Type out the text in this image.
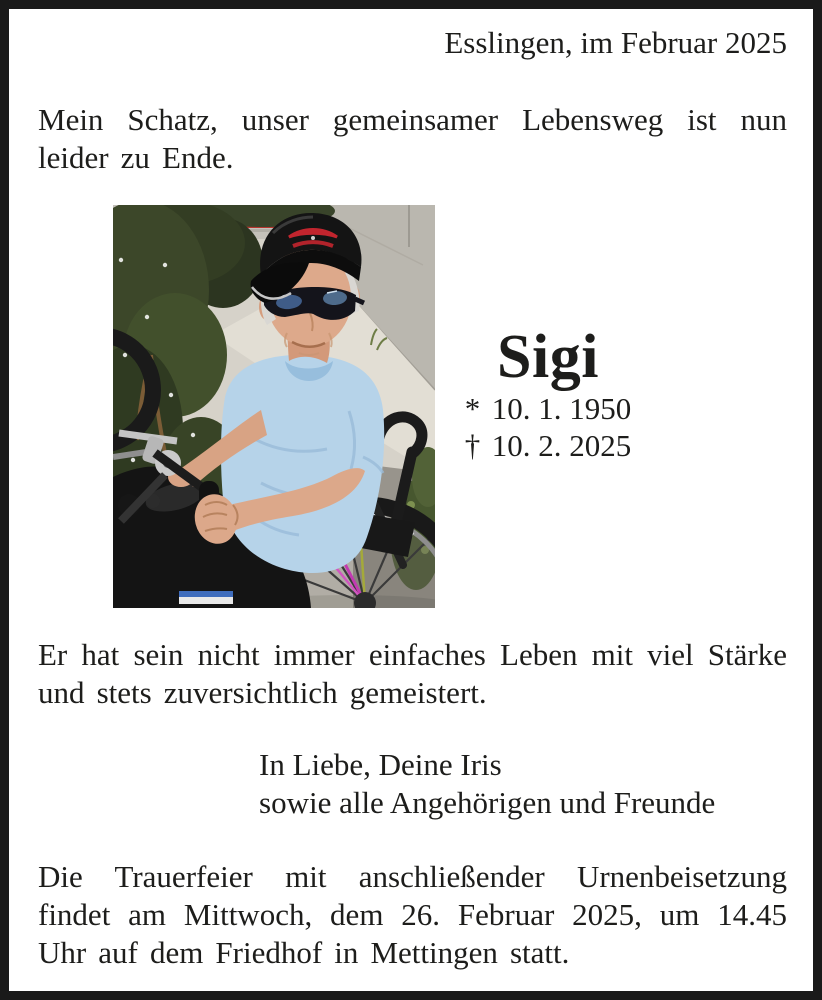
Esslingen, im Februar 2025

Mein Schatz, unser gemeinsamer Lebensweg ist nun leider zu Ende.

Sigi
* 10. 1. 1950
† 10. 2. 2025

Er hat sein nicht immer einfaches Leben mit viel Stärke und stets zuversichtlich gemeistert.

In Liebe, Deine Iris
sowie alle Angehörigen und Freunde

Die Trauerfeier mit anschließender Urnenbeisetzung findet am Mittwoch, dem 26. Februar 2025, um 14.45 Uhr auf dem Friedhof in Mettingen statt.
